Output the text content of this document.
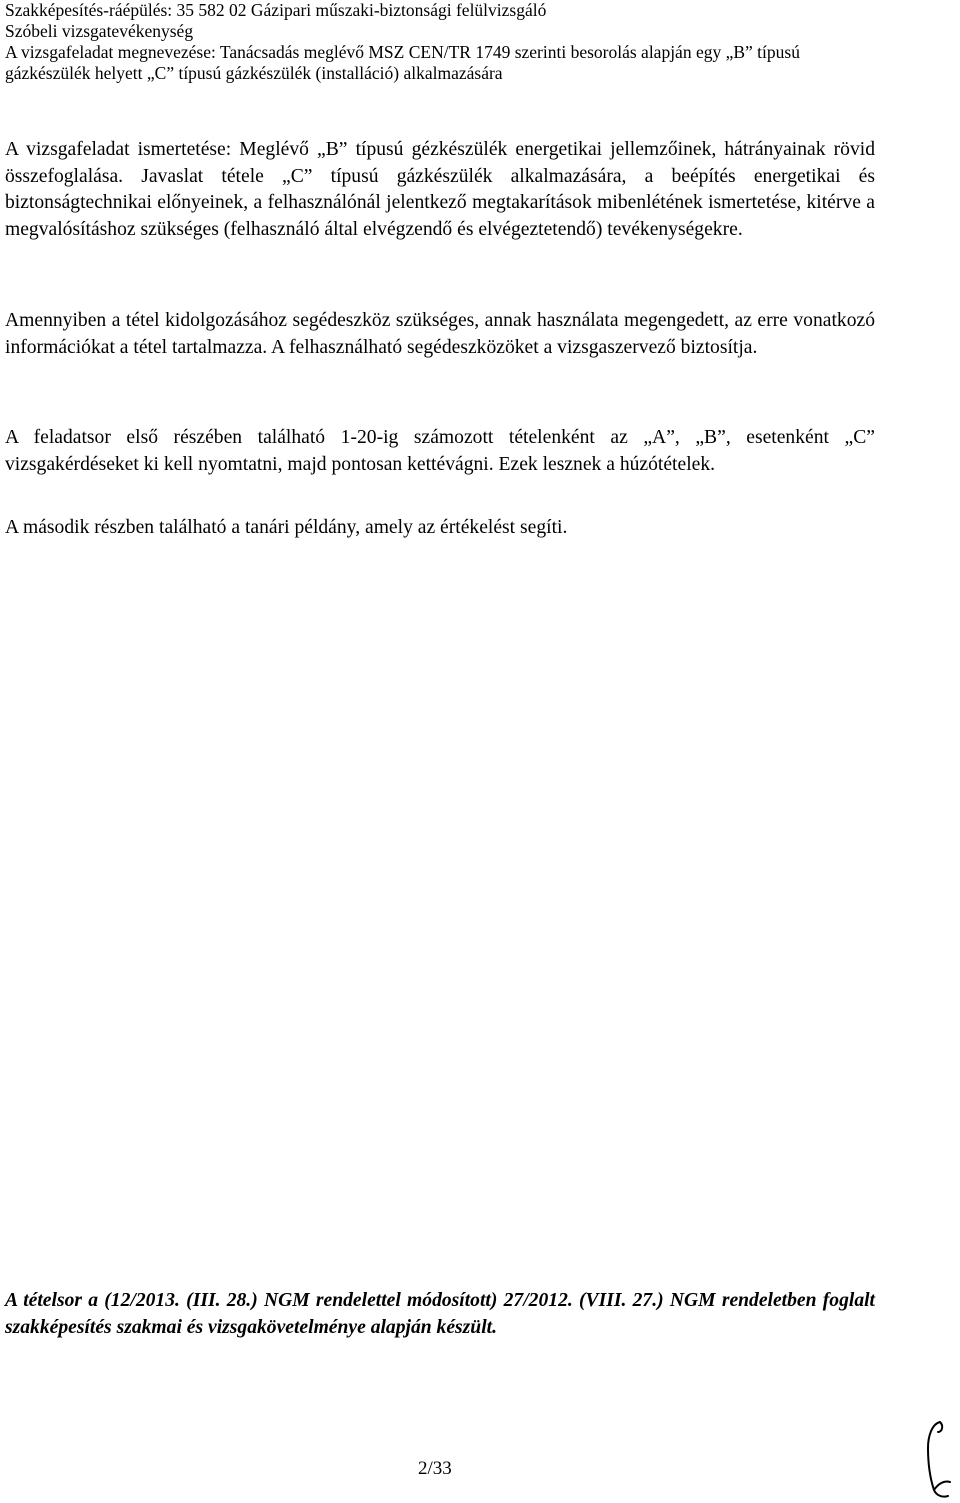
Szakképesítés-ráépülés: 35 582 02 Gázipari műszaki-biztonsági felülvizsgáló
Szóbeli vizsgatevékenység
A vizsgafeladat megnevezése: Tanácsadás meglévő MSZ CEN/TR 1749 szerinti besorolás alapján egy „B” típusú gázkészülék helyett „C” típusú gázkészülék (installáció) alkalmazására

A vizsgafeladat ismertetése: Meglévő „B” típusú gézkészülék energetikai jellemzőinek, hátrányainak rövid összefoglalása. Javaslat tétele „C” típusú gázkészülék alkalmazására, a beépítés energetikai és biztonságtechnikai előnyeinek, a felhasználónál jelentkező megtakarítások mibenlétének ismertetése, kitérve a megvalósításhoz szükséges (felhasználó által elvégzendő és elvégeztetendő) tevékenységekre.

Amennyiben a tétel kidolgozásához segédeszköz szükséges, annak használata megengedett, az erre vonatkozó információkat a tétel tartalmazza. A felhasználható segédeszközöket a vizsgaszervező biztosítja.

A feladatsor első részében található 1-20-ig számozott tételenként az „A”, „B”, esetenként „C” vizsgakérdéseket ki kell nyomtatni, majd pontosan kettévágni. Ezek lesznek a húzótételek.

A második részben található a tanári példány, amely az értékelést segíti.

A tételsor a (12/2013. (III. 28.) NGM rendelettel módosított) 27/2012. (VIII. 27.) NGM rendeletben foglalt szakképesítés szakmai és vizsgakövetelménye alapján készült.

2/33
